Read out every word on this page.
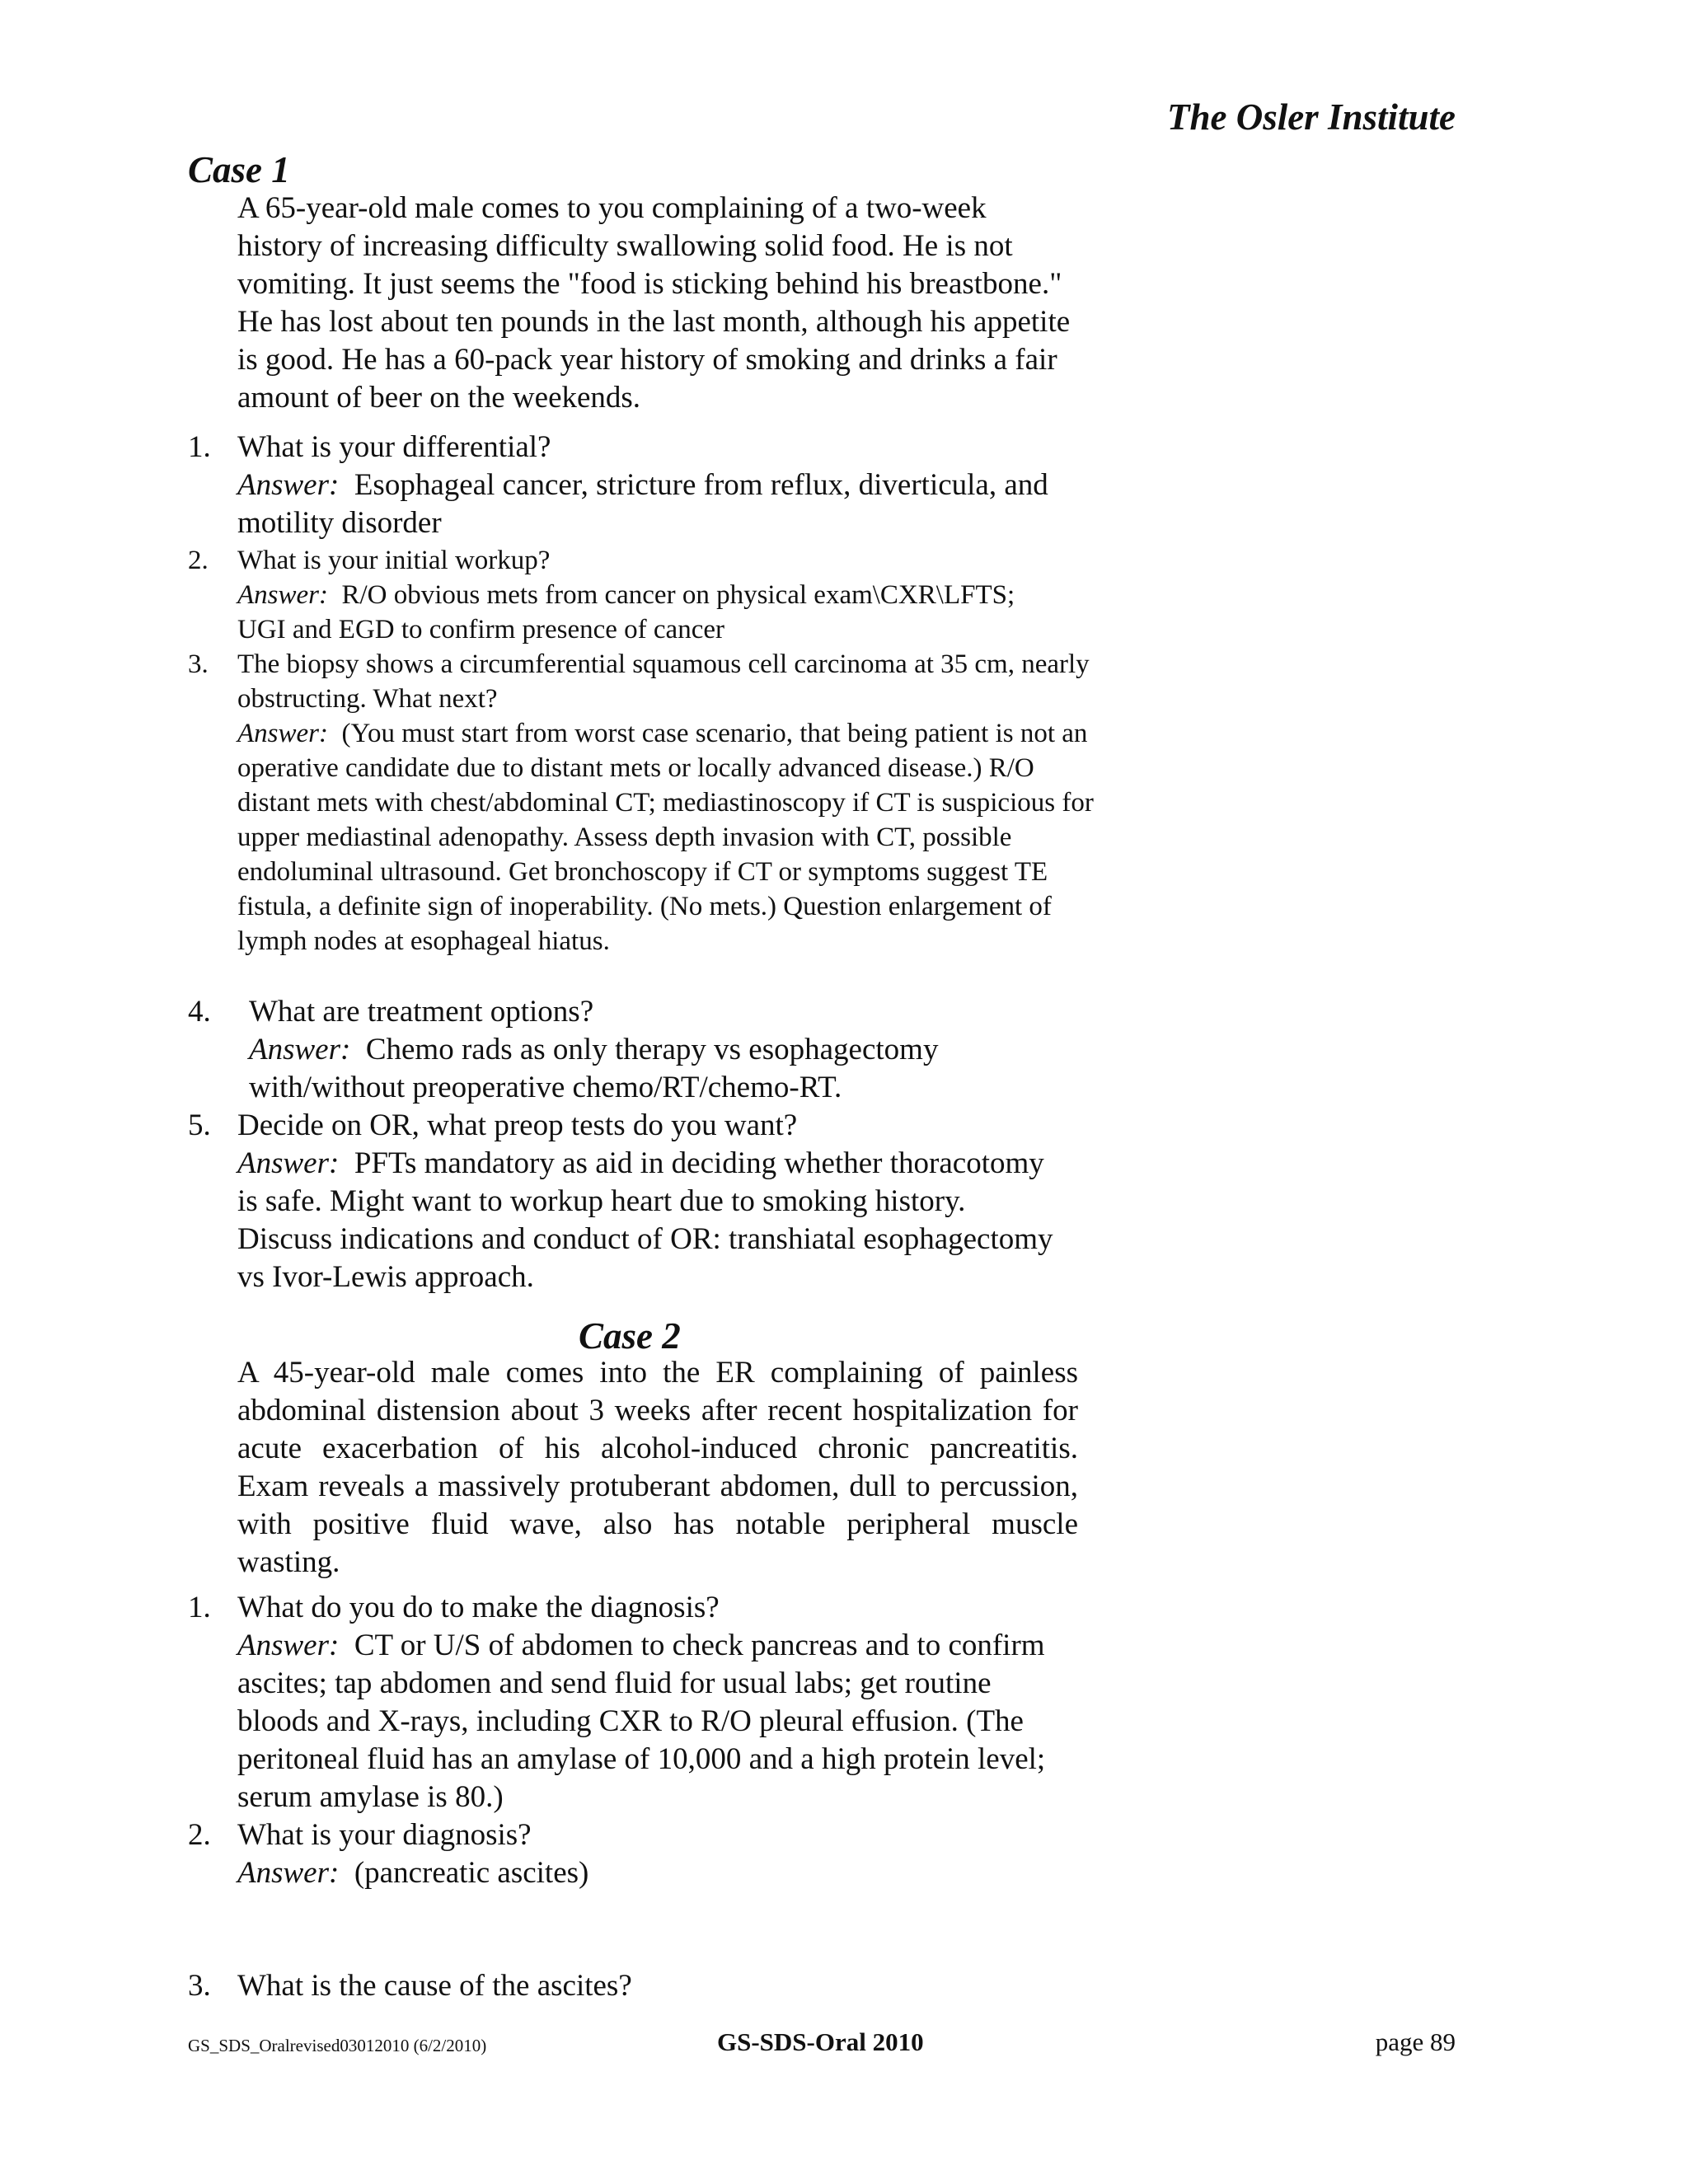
The Osler Institute
Case 1

A 65-year-old male comes to you complaining of a two-week history of increasing difficulty swallowing solid food. He is not vomiting. It just seems the "food is sticking behind his breastbone." He has lost about ten pounds in the last month, although his appetite is good. He has a 60-pack year history of smoking and drinks a fair amount of beer on the weekends.

1. What is your differential?
Answer: Esophageal cancer, stricture from reflux, diverticula, and motility disorder
2.	What is your initial workup?
Answer: R/O obvious mets from cancer on physical exam\CXR\LFTS; UGI and EGD to confirm presence of cancer
3.	The biopsy shows a circumferential squamous cell carcinoma at 35 cm, nearly obstructing. What next?
Answer: (You must start from worst case scenario, that being patient is not an operative candidate due to distant mets or locally advanced disease.) R/O distant mets with chest/abdominal CT; mediastinoscopy if CT is suspicious for upper mediastinal adenopathy. Assess depth invasion with CT, possible endoluminal ultrasound. Get bronchoscopy if CT or symptoms suggest TE fistula, a definite sign of inoperability. (No mets.) Question enlargement of lymph nodes at esophageal hiatus.
4.	What are treatment options?
Answer: Chemo rads as only therapy vs esophagectomy with/without preoperative chemo/RT/chemo-RT.
5. Decide on OR, what preop tests do you want?
Answer: PFTs mandatory as aid in deciding whether thoracotomy is safe. Might want to workup heart due to smoking history. Discuss indications and conduct of OR: transhiatal esophagectomy vs Ivor-Lewis approach.
Case 2

A 45-year-old male comes into the ER complaining of painless abdominal distension about 3 weeks after recent hospitalization for acute exacerbation of his alcohol-induced chronic pancreatitis. Exam reveals a massively protuberant abdomen, dull to percussion, with positive fluid wave, also has notable peripheral muscle wasting.

1. What do you do to make the diagnosis?
Answer: CT or U/S of abdomen to check pancreas and to confirm ascites; tap abdomen and send fluid for usual labs; get routine bloods and X-rays, including CXR to R/O pleural effusion. (The peritoneal fluid has an amylase of 10,000 and a high protein level; serum amylase is 80.)
2. What is your diagnosis?
Answer: (pancreatic ascites)
3. What is the cause of the ascites?
GS_SDS_Oralrevised03012010 (6/2/2010)	GS-SDS-Oral 2010	page 89
